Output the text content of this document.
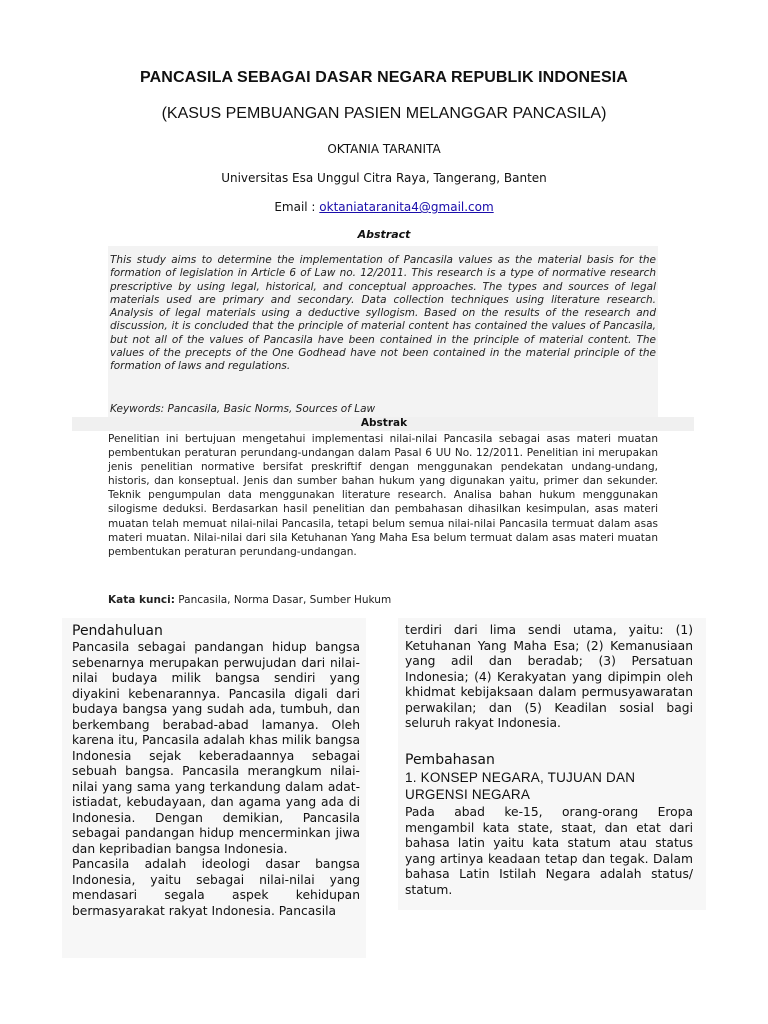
PANCASILA SEBAGAI DASAR NEGARA REPUBLIK INDONESIA
(KASUS PEMBUANGAN PASIEN MELANGGAR PANCASILA)
OKTANIA TARANITA
Universitas Esa Unggul Citra Raya, Tangerang, Banten
Email : oktaniataranita4@gmail.com
Abstract
This study aims to determine the implementation of Pancasila values as the material basis for the formation of legislation in Article 6 of Law no. 12/2011. This research is a type of normative research prescriptive by using legal, historical, and conceptual approaches. The types and sources of legal materials used are primary and secondary. Data collection techniques using literature research. Analysis of legal materials using a deductive syllogism. Based on the results of the research and discussion, it is concluded that the principle of material content has contained the values of Pancasila, but not all of the values of Pancasila have been contained in the principle of material content. The values of the precepts of the One Godhead have not been contained in the material principle of the formation of laws and regulations.
Keywords: Pancasila, Basic Norms, Sources of Law
Abstrak
Penelitian ini bertujuan mengetahui implementasi nilai-nilai Pancasila sebagai asas materi muatan pembentukan peraturan perundang-undangan dalam Pasal 6 UU No. 12/2011. Penelitian ini merupakan jenis penelitian normative bersifat preskriftif dengan menggunakan pendekatan undang-undang, historis, dan konseptual. Jenis dan sumber bahan hukum yang digunakan yaitu, primer dan sekunder. Teknik pengumpulan data menggunakan literature research. Analisa bahan hukum menggunakan silogisme deduksi. Berdasarkan hasil penelitian dan pembahasan dihasilkan kesimpulan, asas materi muatan telah memuat nilai-nilai Pancasila, tetapi belum semua nilai-nilai Pancasila termuat dalam asas materi muatan. Nilai-nilai dari sila Ketuhanan Yang Maha Esa belum termuat dalam asas materi muatan pembentukan peraturan perundang-undangan.
Kata kunci: Pancasila, Norma Dasar, Sumber Hukum
Pendahuluan

Pancasila sebagai pandangan hidup bangsa sebenarnya merupakan perwujudan dari nilai-nilai budaya milik bangsa sendiri yang diyakini kebenarannya. Pancasila digali dari budaya bangsa yang sudah ada, tumbuh, dan berkembang berabad-abad lamanya. Oleh karena itu, Pancasila adalah khas milik bangsa Indonesia sejak keberadaannya sebagai sebuah bangsa. Pancasila merangkum nilai-nilai yang sama yang terkandung dalam adat-istiadat, kebudayaan, dan agama yang ada di Indonesia. Dengan demikian, Pancasila sebagai pandangan hidup mencerminkan jiwa dan kepribadian bangsa Indonesia.

Pancasila adalah ideologi dasar bangsa Indonesia, yaitu sebagai nilai-nilai yang mendasari segala aspek kehidupan bermasyarakat rakyat Indonesia. Pancasila

terdiri dari lima sendi utama, yaitu: (1) Ketuhanan Yang Maha Esa; (2) Kemanusiaan yang adil dan beradab; (3) Persatuan Indonesia; (4) Kerakyatan yang dipimpin oleh khidmat kebijaksaan dalam permusyawaratan perwakilan; dan (5) Keadilan sosial bagi seluruh rakyat Indonesia.

Pembahasan
1. KONSEP NEGARA, TUJUAN DAN URGENSI NEGARA

Pada abad ke-15, orang-orang Eropa mengambil kata state, staat, dan etat dari bahasa latin yaitu kata statum atau status yang artinya keadaan tetap dan tegak. Dalam bahasa Latin Istilah Negara adalah status/ statum.
